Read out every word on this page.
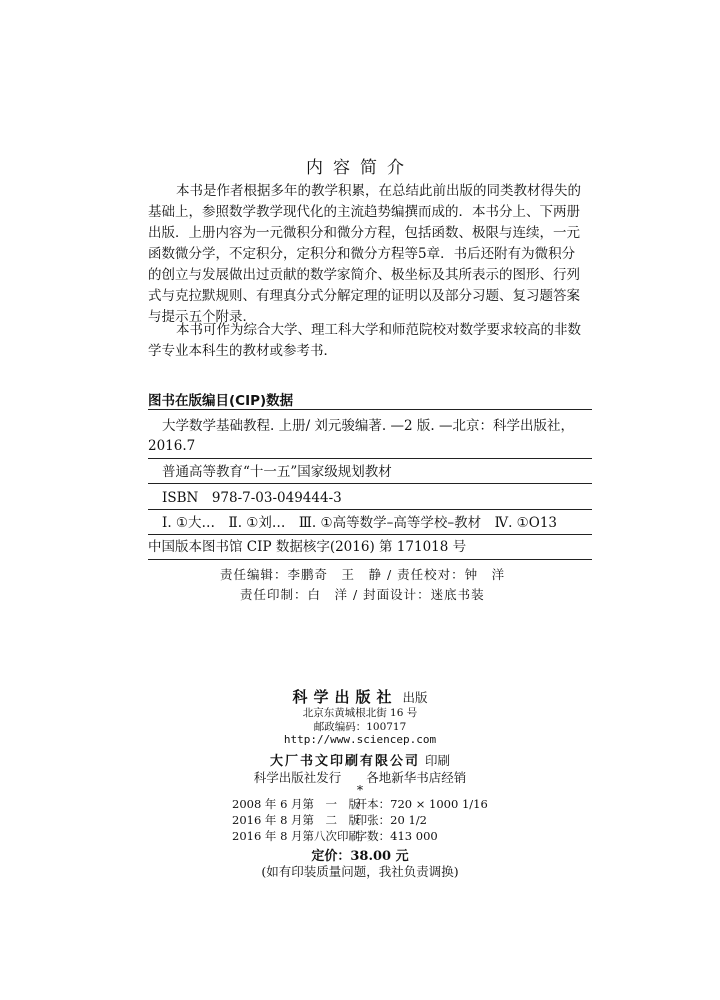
内容简介
本书是作者根据多年的教学积累，在总结此前出版的同类教材得失的
基础上，参照数学教学现代化的主流趋势编撰而成的．本书分上、下两册
出版．上册内容为一元微积分和微分方程，包括函数、极限与连续，一元
函数微分学，不定积分，定积分和微分方程等5章．书后还附有为微积分
的创立与发展做出过贡献的数学家简介、极坐标及其所表示的图形、行列
式与克拉默规则、有理真分式分解定理的证明以及部分习题、复习题答案
与提示五个附录．
本书可作为综合大学、理工科大学和师范院校对数学要求较高的非数
学专业本科生的教材或参考书．
图书在版编目(CIP)数据
大学数学基础教程. 上册/ 刘元骏编著. —2 版. —北京：科学出版社，
2016.7
普通高等教育“十一五”国家级规划教材
ISBN　978-7-03-049444-3
Ⅰ. ①大…　Ⅱ. ①刘…　Ⅲ. ①高等数学–高等学校–教材　Ⅳ. ①O13
中国版本图书馆 CIP 数据核字(2016) 第 171018 号
责任编辑：李鹏奇　王　静 / 责任校对：钟　洋
责任印制：白　洋 / 封面设计：迷底书装
科学出版社 出版
北京东黄城根北街 16 号
邮政编码：100717
http://www.sciencep.com
大厂书文印刷有限公司 印刷
科学出版社发行　　各地新华书店经销
*
2008 年 6 月第　一　版 开本：720 × 1000 1/16
2016 年 8 月第　二　版 印张：20 1/2
2016 年 8 月第八次印刷 字数：413 000
定价：38.00 元
(如有印装质量问题，我社负责调换)
